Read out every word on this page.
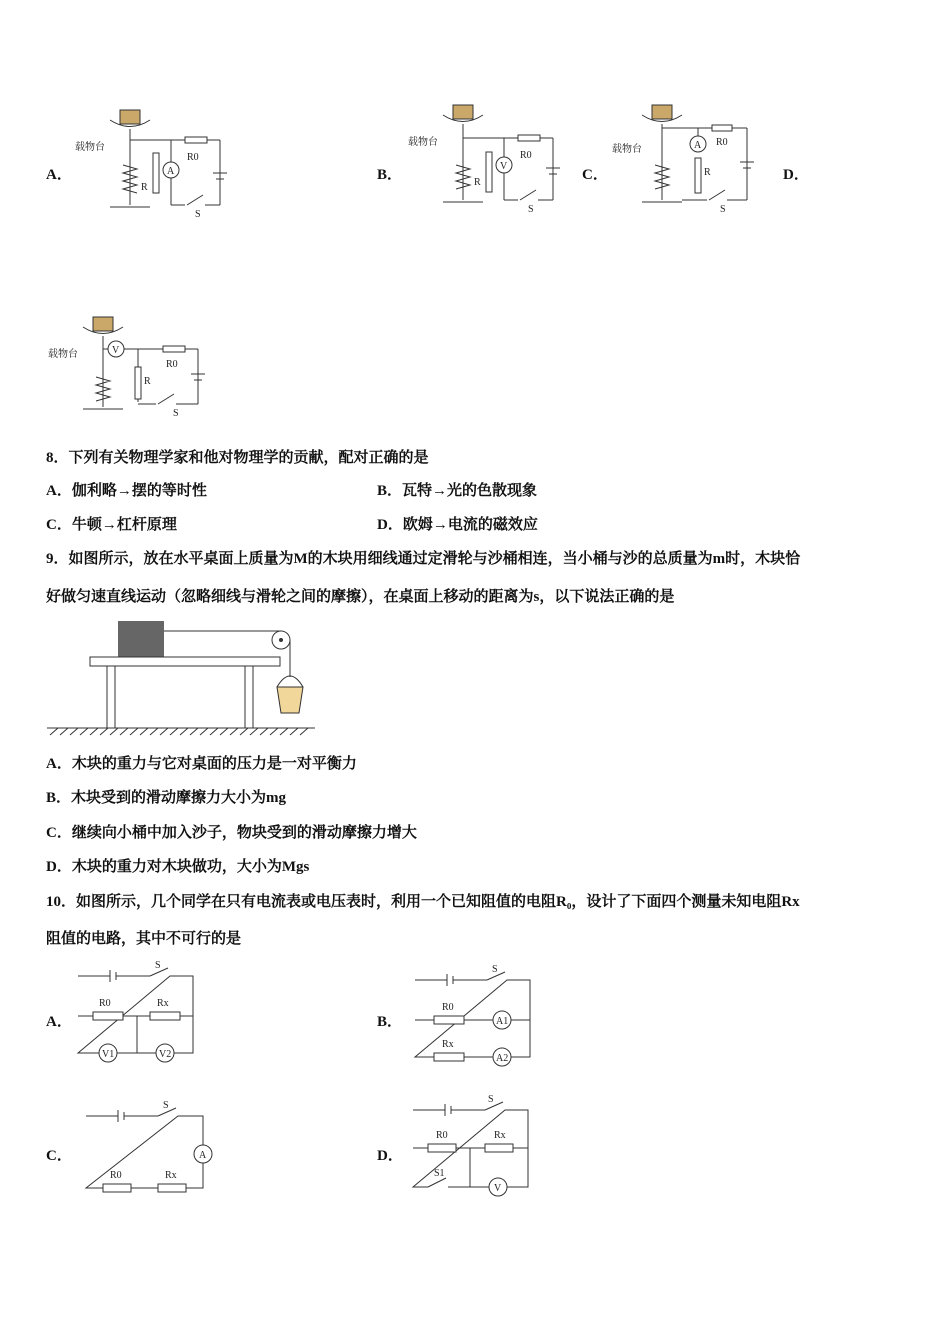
A．	B．	C．	D．
载物台
R0
R
A
S
载物台
R0
R
V
S
载物台
R0
A
R
S
载物台	V
R0
R
S
8．下列有关物理学家和他对物理学的贡献，配对正确的是
A．伽利略→摆的等时性	B．瓦特→光的色散现象
C．牛顿→杠杆原理	D．欧姆→电流的磁效应
9．如图所示，放在水平桌面上质量为M的木块用细线通过定滑轮与沙桶相连，当小桶与沙的总质量为m时，木块恰
好做匀速直线运动（忽略细线与滑轮之间的摩擦），在桌面上移动的距离为s，以下说法正确的是
A．木块的重力与它对桌面的压力是一对平衡力
B．木块受到的滑动摩擦力大小为mg
C．继续向小桶中加入沙子，物块受到的滑动摩擦力增大
D．木块的重力对木块做功，大小为Mgs
10．如图所示，几个同学在只有电流表或电压表时，利用一个已知阻值的电阻R₀，设计了下面四个测量未知电阻Rx
阻值的电路，其中不可行的是
A．	B．
C．	D．
S
R0	Rx
V1	V2
S
R0
A1
Rx
A2
S
A
R0	Rx
S
R0	Rx
S1
V
